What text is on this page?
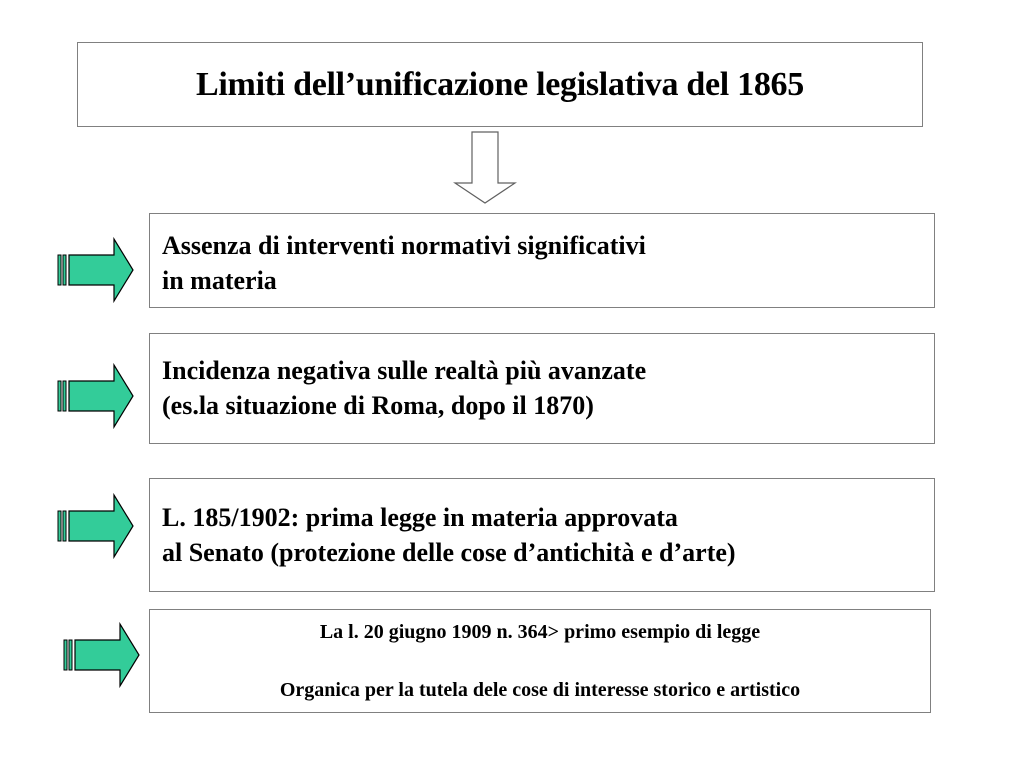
Limiti dell’unificazione legislativa del 1865
Assenza di interventi normativi significativi
in materia
Incidenza negativa sulle realtà più avanzate
(es.la situazione di Roma, dopo il 1870)
L. 185/1902: prima legge in materia approvata
al Senato (protezione delle cose d’antichità e d’arte)
La l. 20 giugno 1909 n. 364> primo esempio di legge
Organica per la tutela dele cose di interesse storico e artistico
